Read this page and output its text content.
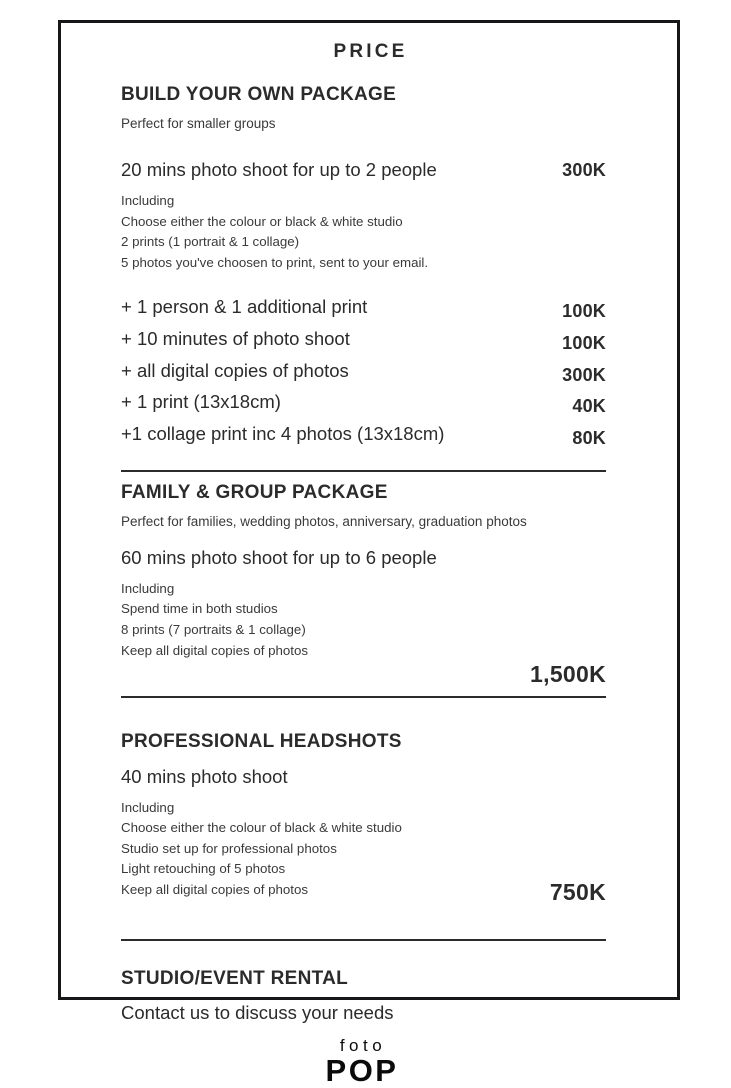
PRICE
BUILD YOUR OWN PACKAGE
Perfect for smaller groups
20 mins photo shoot for up to 2 people	300K
Including
Choose either the colour or black & white studio
2 prints (1 portrait & 1 collage)
5 photos you've choosen to print, sent to your email.
+ 1 person & 1 additional print	100K
+ 10 minutes of photo shoot	100K
+ all digital copies of photos	300K
+ 1 print (13x18cm)	40K
+1 collage print inc 4 photos (13x18cm)	80K
FAMILY & GROUP PACKAGE
Perfect for families, wedding photos, anniversary, graduation photos
60 mins photo shoot for up to 6 people
Including
Spend time in both studios
8 prints (7 portraits & 1 collage)
Keep all digital copies of photos
1,500K
PROFESSIONAL HEADSHOTS
40 mins photo shoot
Including
Choose either the colour of black & white studio
Studio set up for professional photos
Light retouching of 5 photos
Keep all digital copies of photos	750K
STUDIO/EVENT RENTAL
Contact us to discuss your needs
foto
POP
